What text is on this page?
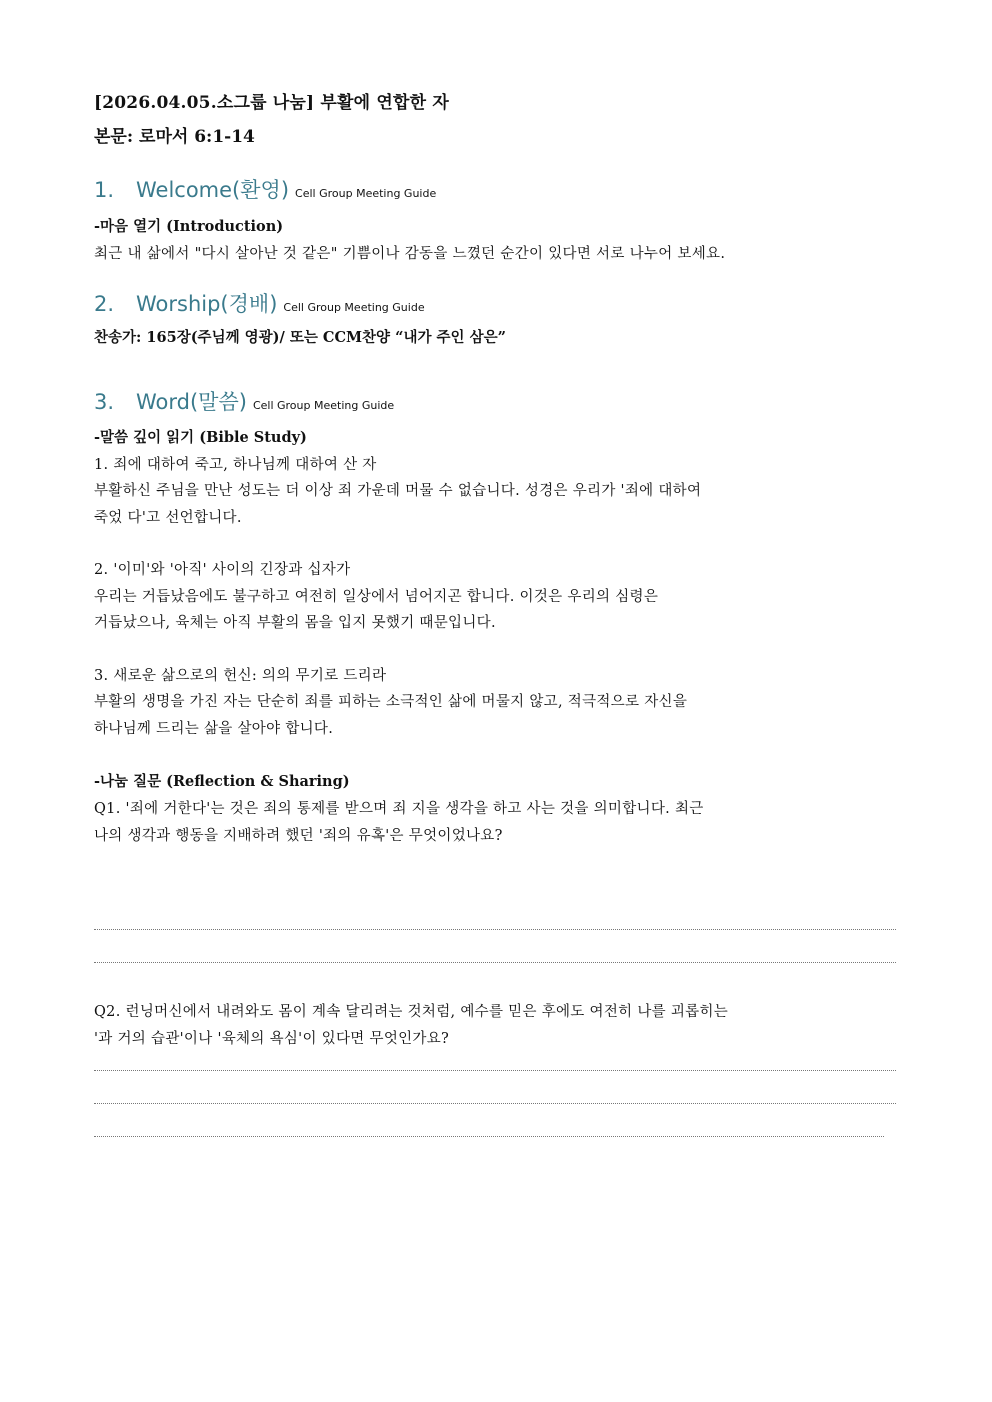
[2026.04.05.소그룹 나눔] 부활에 연합한 자

본문: 로마서 6:1-14

1.	Welcome(환영) Cell Group Meeting Guide

-마음 열기 (Introduction)

최근 내 삶에서 "다시 살아난 것 같은" 기쁨이나 감동을 느꼈던 순간이 있다면 서로 나누어 보세요.

2.	Worship(경배) Cell Group Meeting Guide

찬송가: 165장(주님께 영광)/ 또는 CCM찬양 “내가 주인 삼은”

3.	Word(말씀) Cell Group Meeting Guide

-말씀 깊이 읽기 (Bible Study)

1. 죄에 대하여 죽고, 하나님께 대하여 산 자

부활하신 주님을 만난 성도는 더 이상 죄 가운데 머물 수 없습니다. 성경은 우리가 '죄에 대하여

죽었 다'고 선언합니다.

2. '이미'와 '아직' 사이의 긴장과 십자가

우리는 거듭났음에도 불구하고 여전히 일상에서 넘어지곤 합니다. 이것은 우리의 심령은

거듭났으나, 육체는 아직 부활의 몸을 입지 못했기 때문입니다.

3. 새로운 삶으로의 헌신: 의의 무기로 드리라

부활의 생명을 가진 자는 단순히 죄를 피하는 소극적인 삶에 머물지 않고, 적극적으로 자신을

하나님께 드리는 삶을 살아야 합니다.

-나눔 질문 (Reflection & Sharing)

Q1. '죄에 거한다'는 것은 죄의 통제를 받으며 죄 지을 생각을 하고 사는 것을 의미합니다. 최근

나의 생각과 행동을 지배하려 했던 '죄의 유혹'은 무엇이었나요?

Q2. 런닝머신에서 내려와도 몸이 계속 달리려는 것처럼, 예수를 믿은 후에도 여전히 나를 괴롭히는

'과 거의 습관'이나 '육체의 욕심'이 있다면 무엇인가요?
